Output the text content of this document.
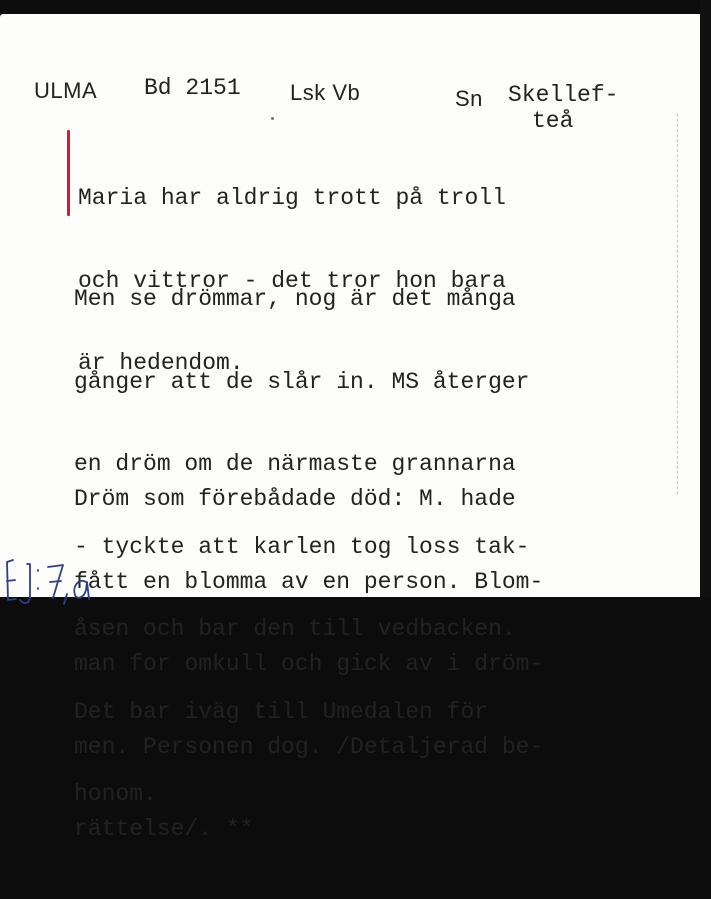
ULMA Bd 2151 Lsk Vb	Sn Skellef-
teå

Maria har aldrig trott på troll

och vittror - det tror hon bara

är hedendom.

Men se drömmar, nog är det många

gånger att de slår in. MS återger

en dröm om de närmaste grannarna

- tyckte att karlen tog loss tak-

åsen och bar den till vedbacken.

Det bar iväg till Umedalen för

honom.

Dröm som förebådade död: M. hade

fått en blomma av en person. Blom-

man for omkull och gick av i dröm-

men. Personen dog. /Detaljerad be-

rättelse/. **
